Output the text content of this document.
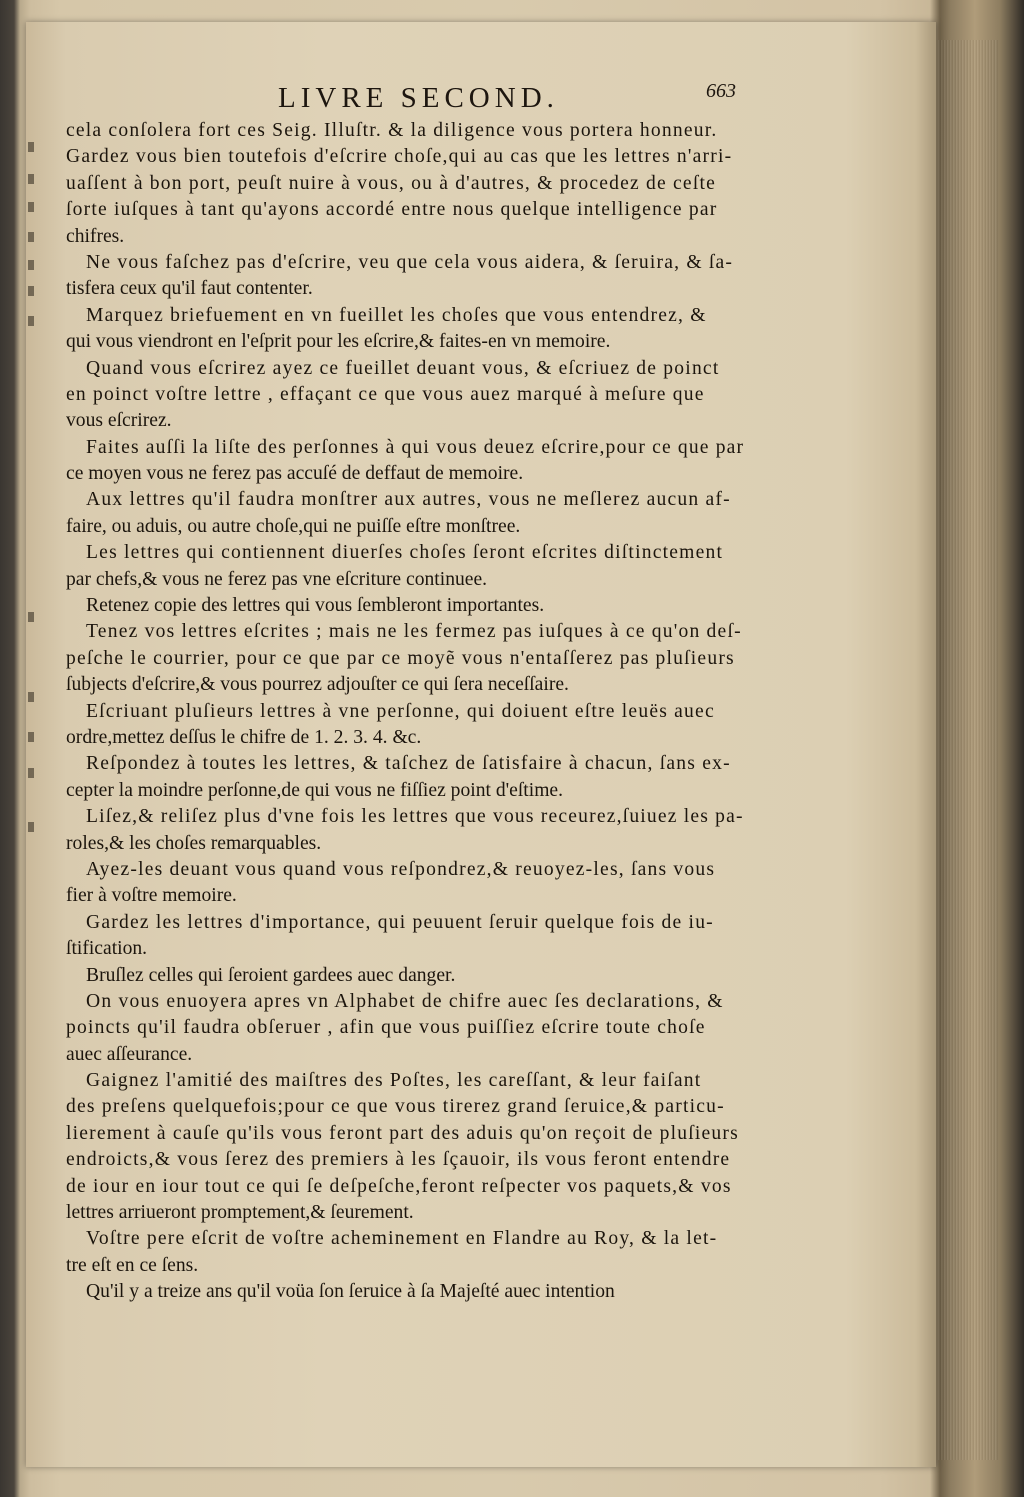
LIVRE SECOND.	663
cela conſolera fort ces Seig. Illuſtr. & la diligence vous portera honneur.
Gardez vous bien toutefois d'eſcrire choſe,qui au cas que les lettres n'arri-
uaſſent à bon port, peuſt nuire à vous, ou à d'autres, & procedez de ceſte
ſorte iuſques à tant qu'ayons accordé entre nous quelque intelligence par
chifres.
Ne vous faſchez pas d'eſcrire, veu que cela vous aidera, & ſeruira, & ſa-
tisfera ceux qu'il faut contenter.
Marquez briefuement en vn fueillet les choſes que vous entendrez, &
qui vous viendront en l'eſprit pour les eſcrire,& faites-en vn memoire.
Quand vous eſcrirez ayez ce fueillet deuant vous, & eſcriuez de poinct
en poinct voſtre lettre , effaçant ce que vous auez marqué à meſure que
vous eſcrirez.
Faites auſſi la liſte des perſonnes à qui vous deuez eſcrire,pour ce que par
ce moyen vous ne ferez pas accuſé de deffaut de memoire.
Aux lettres qu'il faudra monſtrer aux autres, vous ne meſlerez aucun af-
faire, ou aduis, ou autre choſe,qui ne puiſſe eſtre monſtree.
Les lettres qui contiennent diuerſes choſes ſeront eſcrites diſtinctement
par chefs,& vous ne ferez pas vne eſcriture continuee.
Retenez copie des lettres qui vous ſembleront importantes.
Tenez vos lettres eſcrites ; mais ne les fermez pas iuſques à ce qu'on deſ-
peſche le courrier, pour ce que par ce moyẽ vous n'entaſſerez pas pluſieurs
ſubjects d'eſcrire,& vous pourrez adjouſter ce qui ſera neceſſaire.
Eſcriuant pluſieurs lettres à vne perſonne, qui doiuent eſtre leuës auec
ordre,mettez deſſus le chifre de 1. 2. 3. 4. &c.
Reſpondez à toutes les lettres, & taſchez de ſatisfaire à chacun, ſans ex-
cepter la moindre perſonne,de qui vous ne fiſſiez point d'eſtime.
Liſez,& reliſez plus d'vne fois les lettres que vous receurez,ſuiuez les pa-
roles,& les choſes remarquables.
Ayez-les deuant vous quand vous reſpondrez,& reuoyez-les, ſans vous
fier à voſtre memoire.
Gardez les lettres d'importance, qui peuuent ſeruir quelque fois de iu-
ſtification.
Bruſlez celles qui ſeroient gardees auec danger.
On vous enuoyera apres vn Alphabet de chifre auec ſes declarations, &
poincts qu'il faudra obſeruer , afin que vous puiſſiez eſcrire toute choſe
auec aſſeurance.
Gaignez l'amitié des maiſtres des Poſtes, les careſſant, & leur faiſant
des preſens quelquefois;pour ce que vous tirerez grand ſeruice,& particu-
lierement à cauſe qu'ils vous feront part des aduis qu'on reçoit de pluſieurs
endroicts,& vous ſerez des premiers à les ſçauoir, ils vous feront entendre
de iour en iour tout ce qui ſe deſpeſche,feront reſpecter vos paquets,& vos
lettres arriueront promptement,& ſeurement.
Voſtre pere eſcrit de voſtre acheminement en Flandre au Roy, & la let-
tre eſt en ce ſens.
Qu'il y a treize ans qu'il voüa ſon ſeruice à ſa Majeſté auec intention
